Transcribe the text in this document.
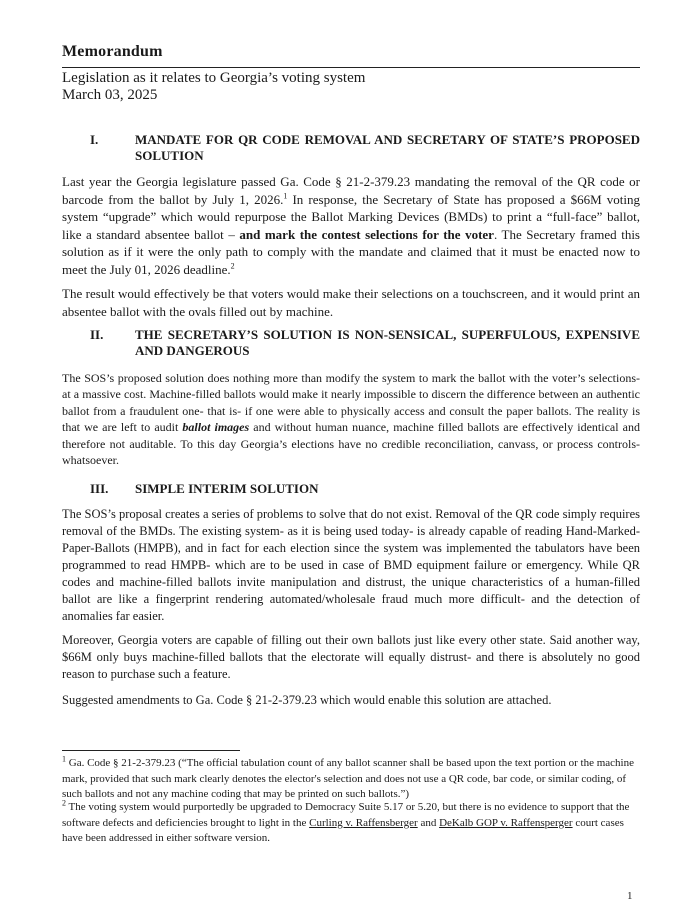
Memorandum
Legislation as it relates to Georgia’s voting system
March 03, 2025
I.	MANDATE FOR QR CODE REMOVAL AND SECRETARY OF STATE’S PROPOSED SOLUTION
Last year the Georgia legislature passed Ga. Code § 21-2-379.23 mandating the removal of the QR code or barcode from the ballot by July 1, 2026.$^1$ In response, the Secretary of State has proposed a $66M voting system “upgrade” which would repurpose the Ballot Marking Devices (BMDs) to print a “full-face” ballot, like a standard absentee ballot – and mark the contest selections for the voter. The Secretary framed this solution as if it were the only path to comply with the mandate and claimed that it must be enacted now to meet the July 01, 2026 deadline.$^2$
The result would effectively be that voters would make their selections on a touchscreen, and it would print an absentee ballot with the ovals filled out by machine.
II. THE SECRETARY’S SOLUTION IS NON-SENSICAL, SUPERFULOUS, EXPENSIVE AND DANGEROUS
The SOS’s proposed solution does nothing more than modify the system to mark the ballot with the voter’s selections- at a massive cost. Machine-filled ballots would make it nearly impossible to discern the difference between an authentic ballot from a fraudulent one- that is- if one were able to physically access and consult the paper ballots. The reality is that we are left to audit ballot images and without human nuance, machine filled ballots are effectively identical and therefore not auditable. To this day Georgia’s elections have no credible reconciliation, canvass, or process controls- whatsoever.
III. SIMPLE INTERIM SOLUTION
The SOS’s proposal creates a series of problems to solve that do not exist. Removal of the QR code simply requires removal of the BMDs. The existing system- as it is being used today- is already capable of reading Hand-Marked-Paper-Ballots (HMPB), and in fact for each election since the system was implemented the tabulators have been programmed to read HMPB- which are to be used in case of BMD equipment failure or emergency. While QR codes and machine-filled ballots invite manipulation and distrust, the unique characteristics of a human-filled ballot are like a fingerprint rendering automated/wholesale fraud much more difficult- and the detection of anomalies far easier.
Moreover, Georgia voters are capable of filling out their own ballots just like every other state. Said another way, $66M only buys machine-filled ballots that the electorate will equally distrust- and there is absolutely no good reason to purchase such a feature.
Suggested amendments to Ga. Code § 21-2-379.23 which would enable this solution are attached.
$^1$ Ga. Code § 21-2-379.23 (“The official tabulation count of any ballot scanner shall be based upon the text portion or the machine mark, provided that such mark clearly denotes the elector's selection and does not use a QR code, bar code, or similar coding, of such ballots and not any machine coding that may be printed on such ballots.”)
$^2$ The voting system would purportedly be upgraded to Democracy Suite 5.17 or 5.20, but there is no evidence to support that the software defects and deficiencies brought to light in the Curling v. Raffensberger and DeKalb GOP v. Raffensperger court cases have been addressed in either software version.
1
